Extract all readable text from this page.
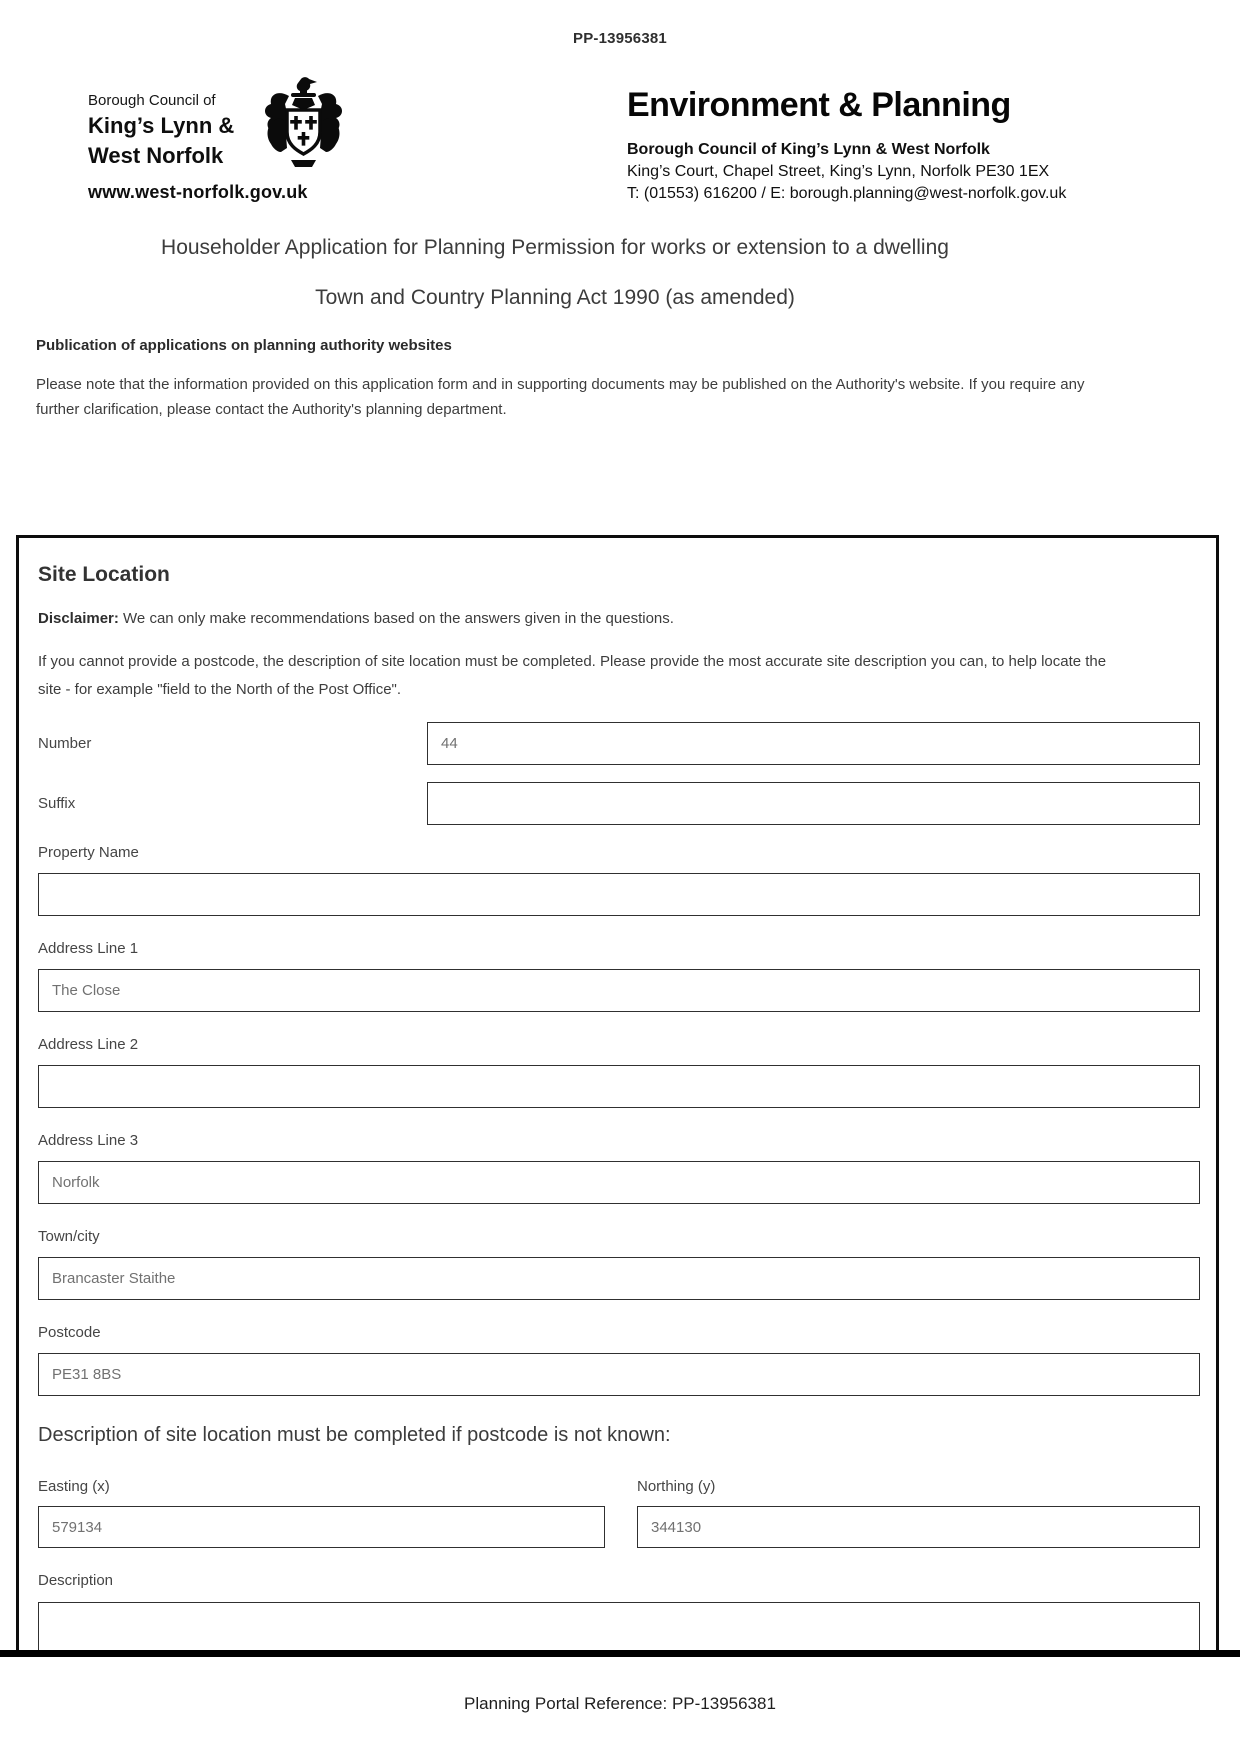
PP-13956381
Borough Council of
King’s Lynn &
West Norfolk
www.west-norfolk.gov.uk
Environment & Planning
Borough Council of King’s Lynn & West Norfolk
King’s Court, Chapel Street, King’s Lynn, Norfolk PE30 1EX
T: (01553) 616200 / E: borough.planning@west-norfolk.gov.uk
Householder Application for Planning Permission for works or extension to a dwelling
Town and Country Planning Act 1990 (as amended)
Publication of applications on planning authority websites
Please note that the information provided on this application form and in supporting documents may be published on the Authority's website. If you require any further clarification, please contact the Authority's planning department.
Site Location
Disclaimer: We can only make recommendations based on the answers given in the questions.
If you cannot provide a postcode, the description of site location must be completed. Please provide the most accurate site description you can, to help locate the site - for example "field to the North of the Post Office".
Number
44
Suffix
Property Name
Address Line 1
The Close
Address Line 2
Address Line 3
Norfolk
Town/city
Brancaster Staithe
Postcode
PE31 8BS
Description of site location must be completed if postcode is not known:
Easting (x)	Northing (y)
579134
344130
Description
Planning Portal Reference: PP-13956381
